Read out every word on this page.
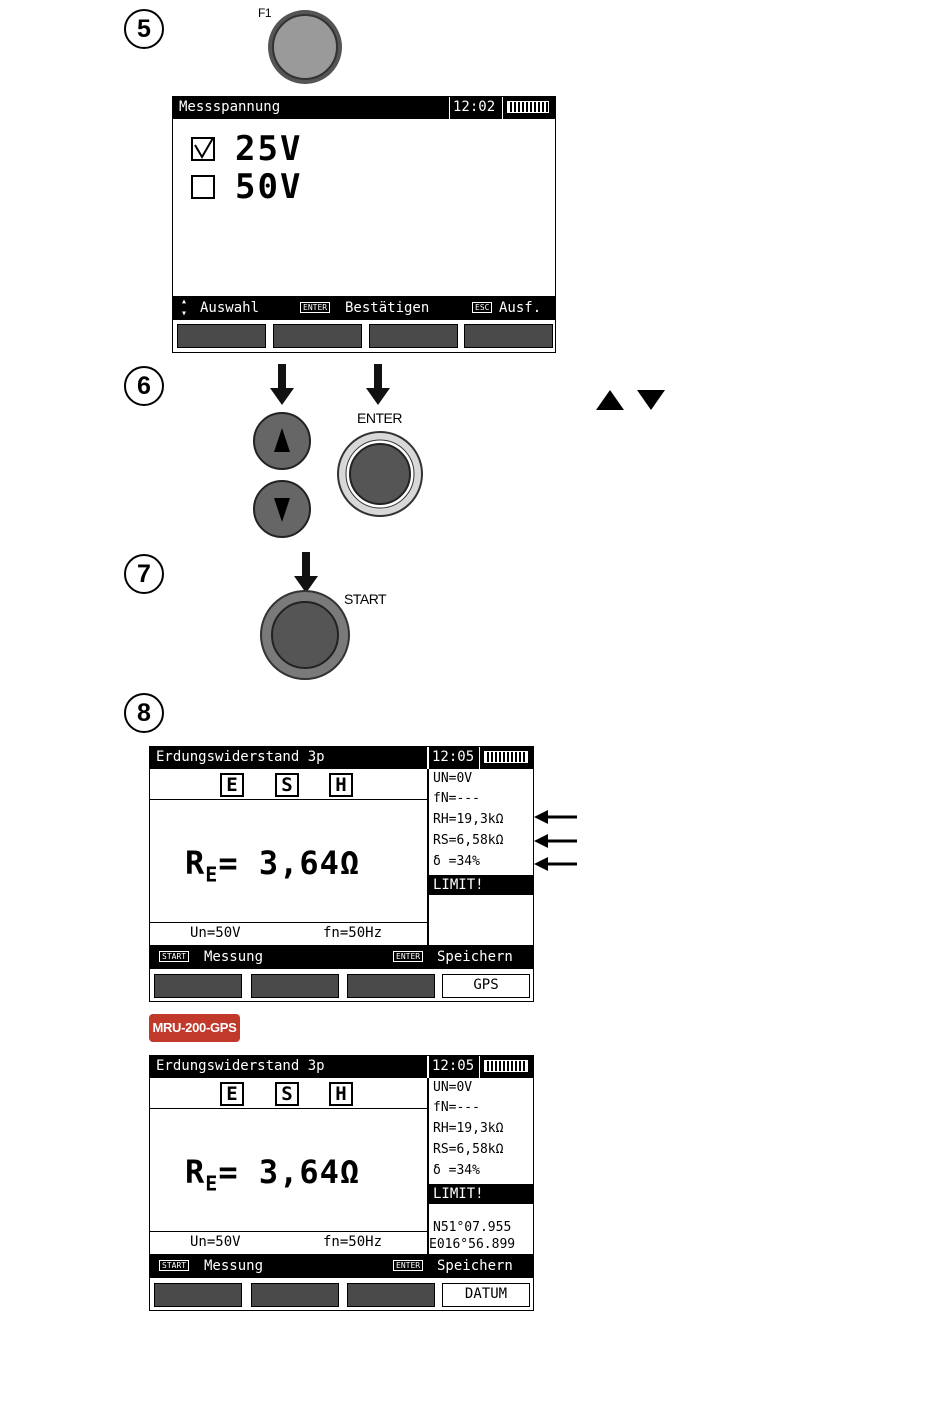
5
F1
Messspannung	12:02
25V
50V
▴
▾ Auswahl	ENTER Bestätigen	ESC Ausf.
6
ENTER
7
START
8
Erdungswiderstand 3p	12:05
E	S	H
$R_E= 3,64\Omega$
Un=50V	fn=50Hz
UN=0V
fN=---
RH=19,3kΩ
RS=6,58kΩ
δ =34%
LIMIT!
START Messung	ENTER Speichern
GPS
MRU-200-GPS
Erdungswiderstand 3p	12:05
E	S	H
$R_E= 3,64\Omega$
Un=50V	fn=50Hz
UN=0V
fN=---
RH=19,3kΩ
RS=6,58kΩ
δ =34%
LIMIT!
N51°07.955
E016°56.899
START Messung	ENTER Speichern
DATUM
